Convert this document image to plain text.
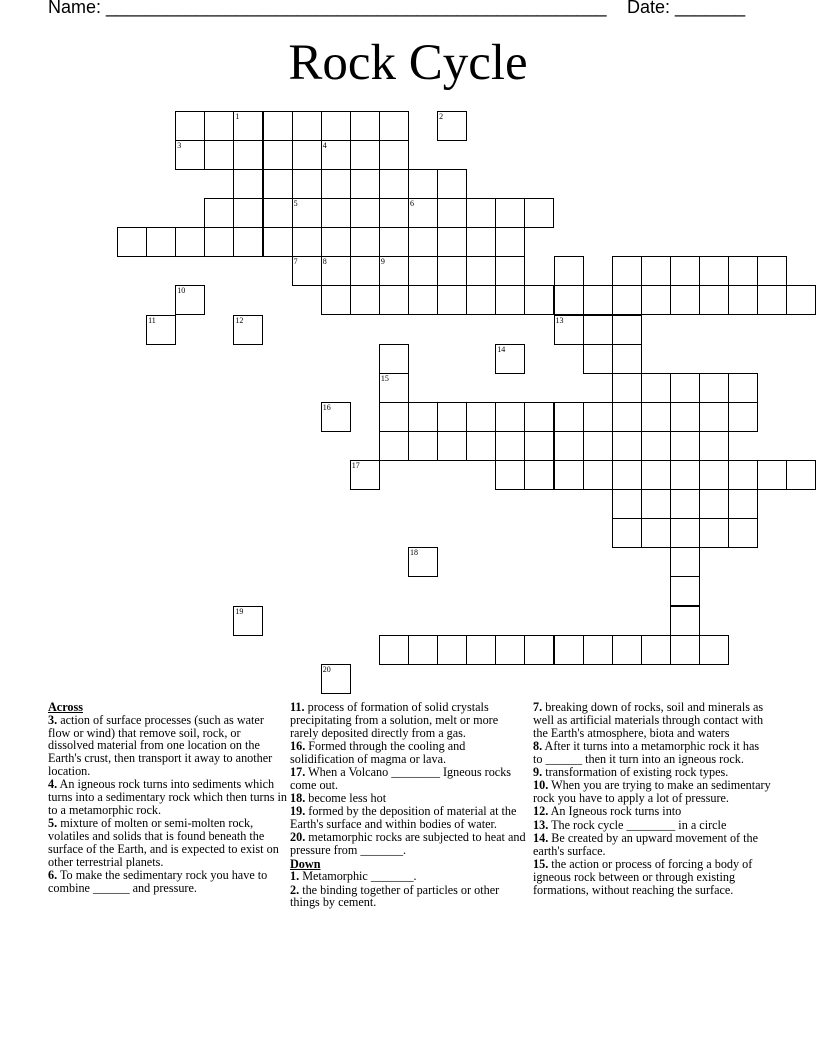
Name: __________________________________________________ Date: _______
Rock Cycle
1
4
5	6
7	8	9
13
15
2
3
10
11	12
14
16
17
18
19
20
Across
3. action of surface processes (such as water flow or wind) that remove soil, rock, or dissolved material from one location on the Earth's crust, then transport it away to another location.
4. An igneous rock turns into sediments which turns into a sedimentary rock which then turns in to a metamorphic rock.
5. mixture of molten or semi-molten rock, volatiles and solids that is found beneath the surface of the Earth, and is expected to exist on other terrestrial planets.
6. To make the sedimentary rock you have to combine ______ and pressure.
11. process of formation of solid crystals precipitating from a solution, melt or more rarely deposited directly from a gas.
16. Formed through the cooling and solidification of magma or lava.
17. When a Volcano ________ Igneous rocks come out.
18. become less hot
19. formed by the deposition of material at the Earth's surface and within bodies of water.
20. metamorphic rocks are subjected to heat and pressure from _______.
Down
1. Metamorphic _______.
2. the binding together of particles or other things by cement.
7. breaking down of rocks, soil and minerals as well as artificial materials through contact with the Earth's atmosphere, biota and waters
8. After it turns into a metamorphic rock it has to ______ then it turn into an igneous rock.
9. transformation of existing rock types.
10. When you are trying to make an sedimentary rock you have to apply a lot of pressure.
12. An Igneous rock turns into
13. The rock cycle ________ in a circle
14. Be created by an upward movement of the earth's surface.
15. the action or process of forcing a body of igneous rock between or through existing formations, without reaching the surface.
